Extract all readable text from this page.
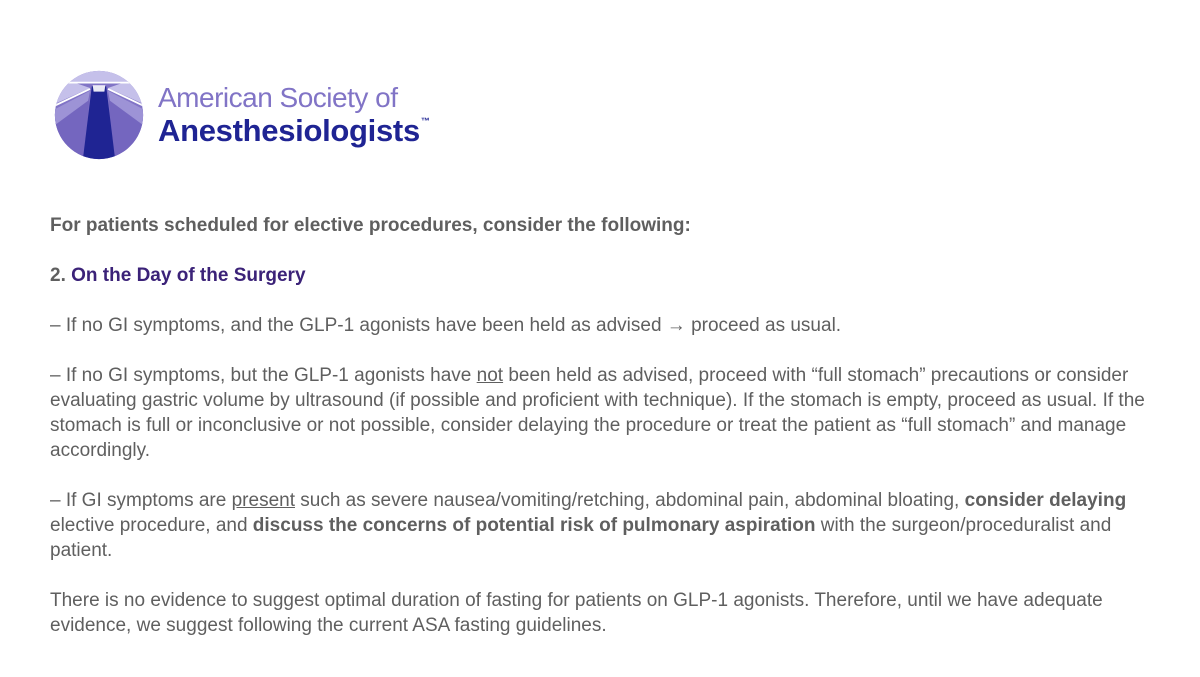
American Society of
Anesthesiologists™

For patients scheduled for elective procedures, consider the following:

2. On the Day of the Surgery

– If no GI symptoms, and the GLP-1 agonists have been held as advised → proceed as usual.

– If no GI symptoms, but the GLP-1 agonists have not been held as advised, proceed with “full stomach” precautions or consider evaluating gastric volume by ultrasound (if possible and proficient with technique). If the stomach is empty, proceed as usual. If the stomach is full or inconclusive or not possible, consider delaying the procedure or treat the patient as “full stomach” and manage accordingly.

– If GI symptoms are present such as severe nausea/vomiting/retching, abdominal pain, abdominal bloating, consider delaying elective procedure, and discuss the concerns of potential risk of pulmonary aspiration with the surgeon/proceduralist and patient.

There is no evidence to suggest optimal duration of fasting for patients on GLP-1 agonists. Therefore, until we have adequate evidence, we suggest following the current ASA fasting guidelines.
